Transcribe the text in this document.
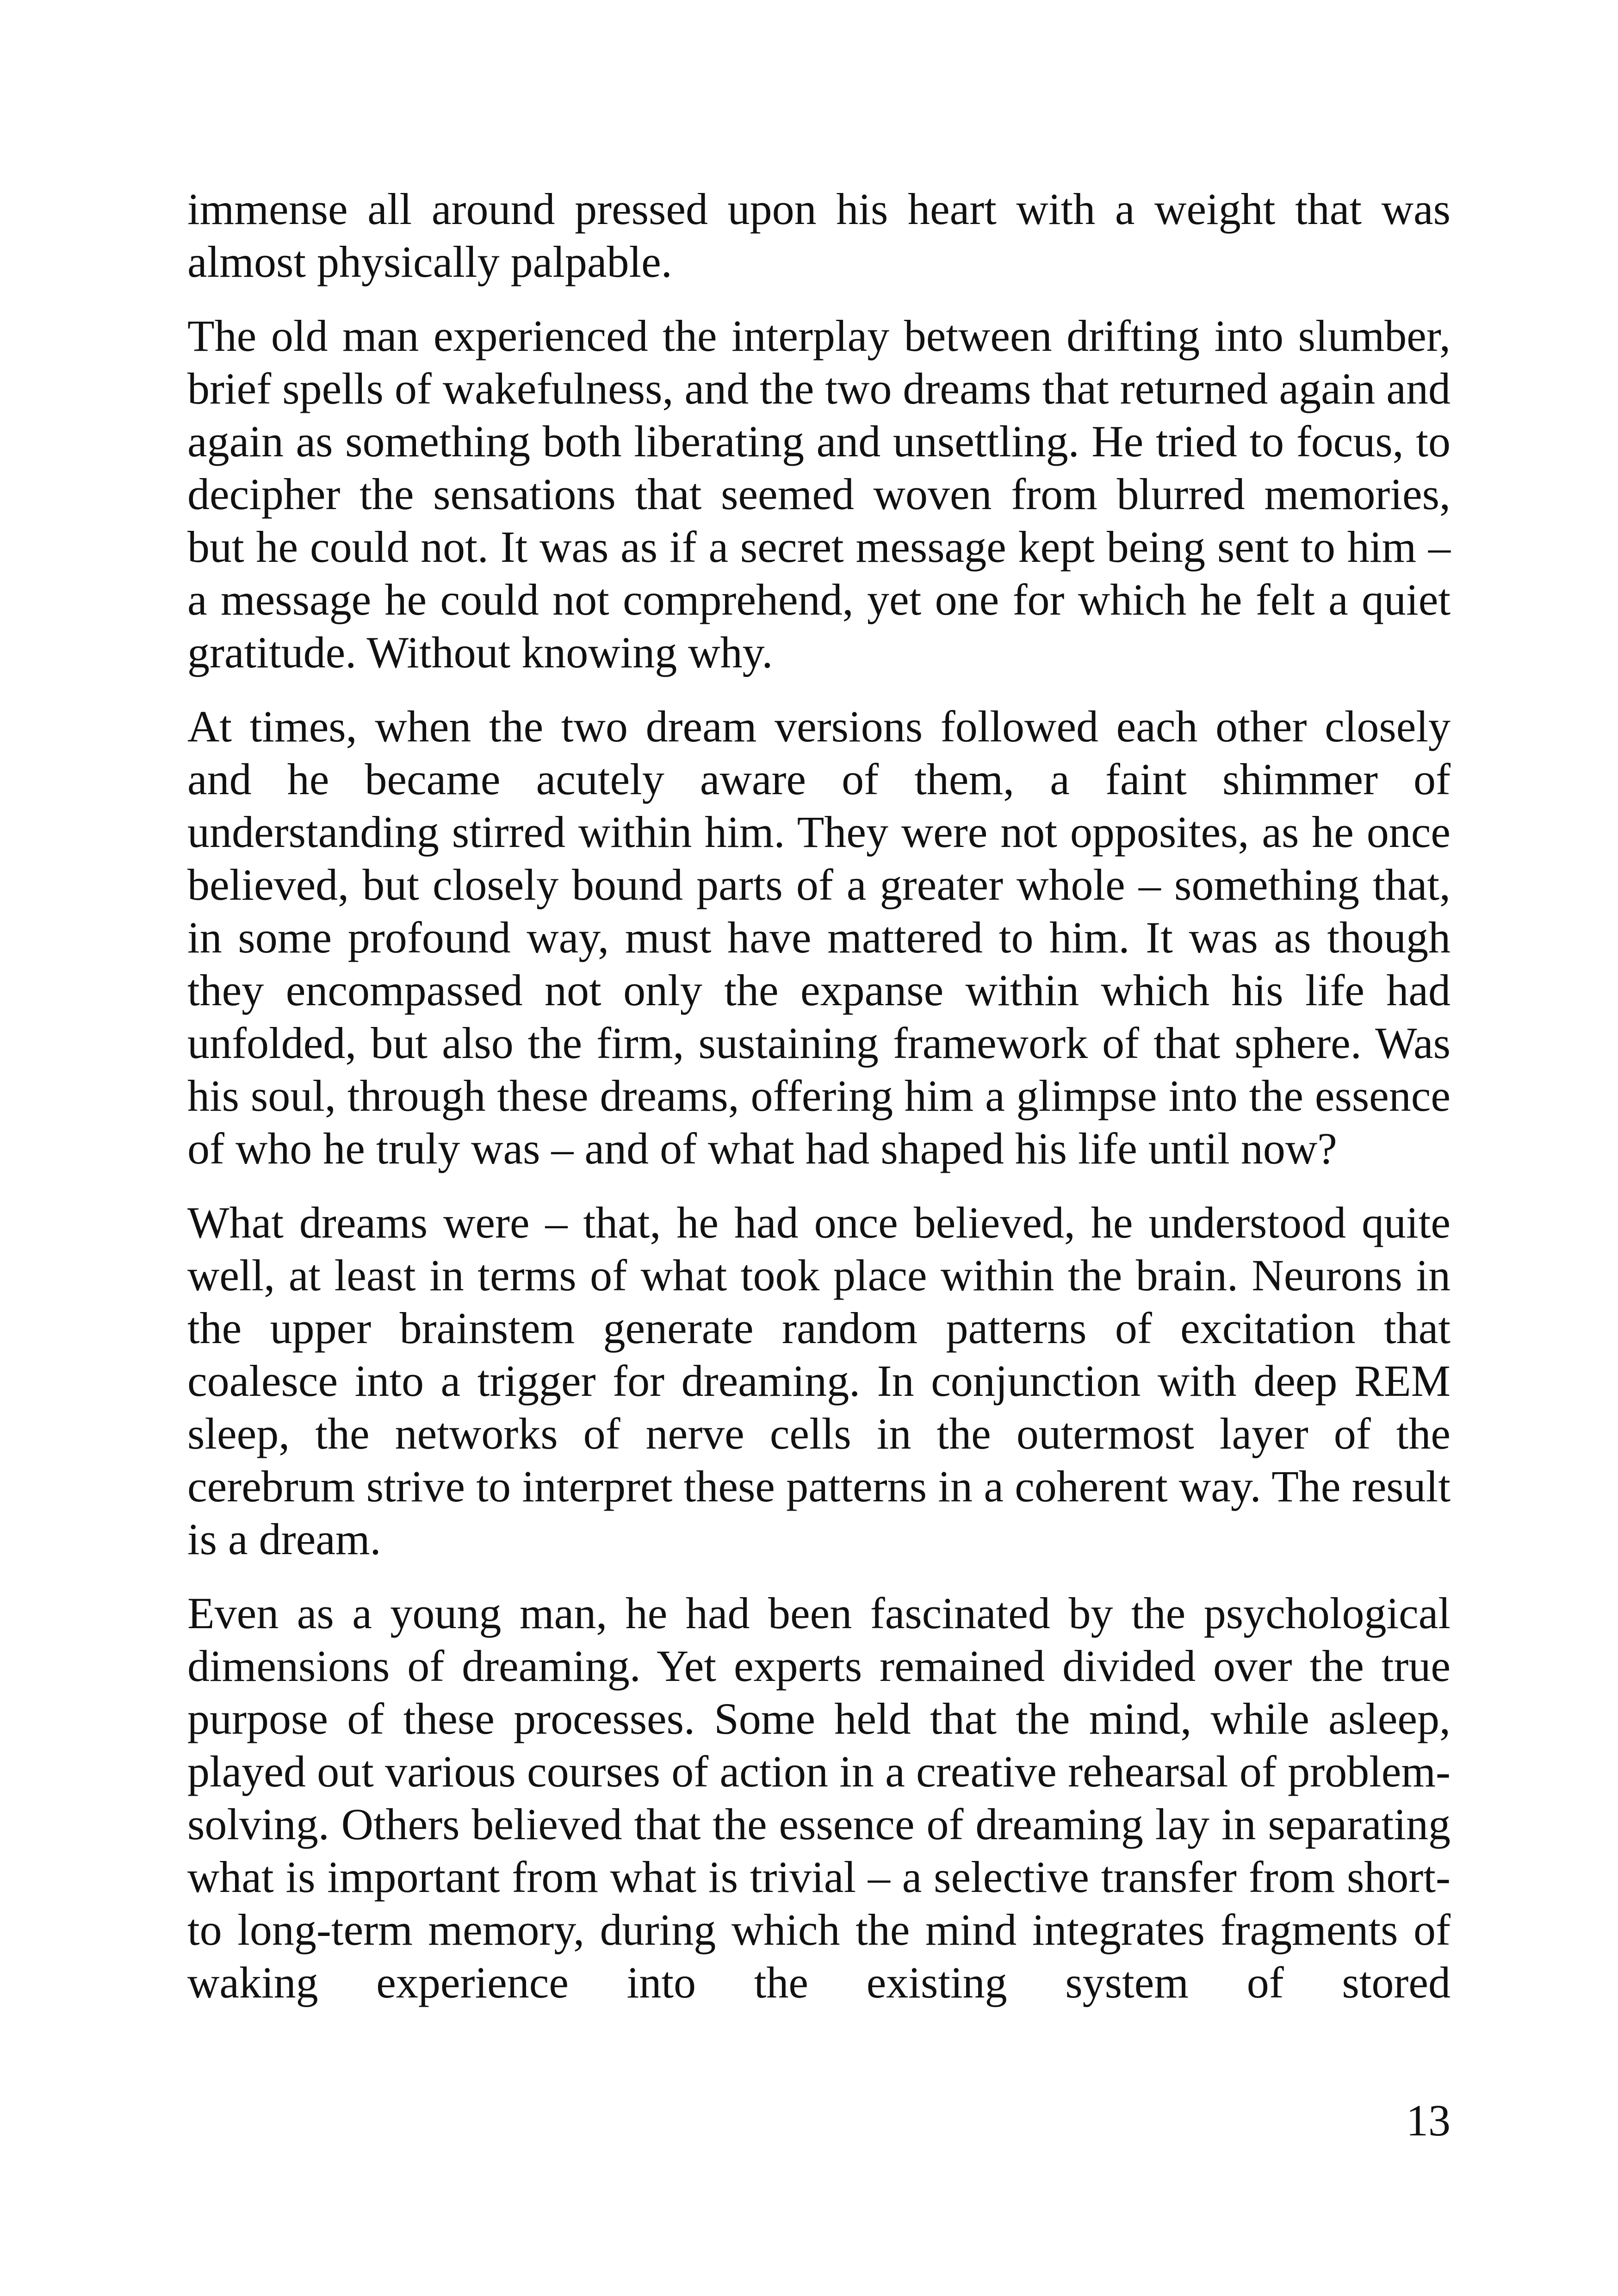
immense all around pressed upon his heart with a weight that was almost physically palpable.

The old man experienced the interplay between drifting into slumber, brief spells of wakefulness, and the two dreams that returned again and again as something both liberating and unsettling. He tried to focus, to decipher the sensations that seemed woven from blurred memories, but he could not. It was as if a secret message kept being sent to him – a message he could not comprehend, yet one for which he felt a quiet gratitude. Without knowing why.

At times, when the two dream versions followed each other closely and he became acutely aware of them, a faint shimmer of understanding stirred within him. They were not opposites, as he once believed, but closely bound parts of a greater whole – something that, in some profound way, must have mattered to him. It was as though they encompassed not only the expanse within which his life had unfolded, but also the firm, sustaining framework of that sphere. Was his soul, through these dreams, offering him a glimpse into the essence of who he truly was – and of what had shaped his life until now?

What dreams were – that, he had once believed, he understood quite well, at least in terms of what took place within the brain. Neurons in the upper brainstem generate random patterns of excitation that coalesce into a trigger for dreaming. In conjunction with deep REM sleep, the networks of nerve cells in the outermost layer of the cerebrum strive to interpret these patterns in a coherent way. The result is a dream.

Even as a young man, he had been fascinated by the psychological dimensions of dreaming. Yet experts remained divided over the true purpose of these processes. Some held that the mind, while asleep, played out various courses of action in a creative rehearsal of problem-solving. Others believed that the essence of dreaming lay in separating what is important from what is trivial – a selective transfer from short- to long-term memory, during which the mind integrates fragments of waking experience into the existing system of stored

13
